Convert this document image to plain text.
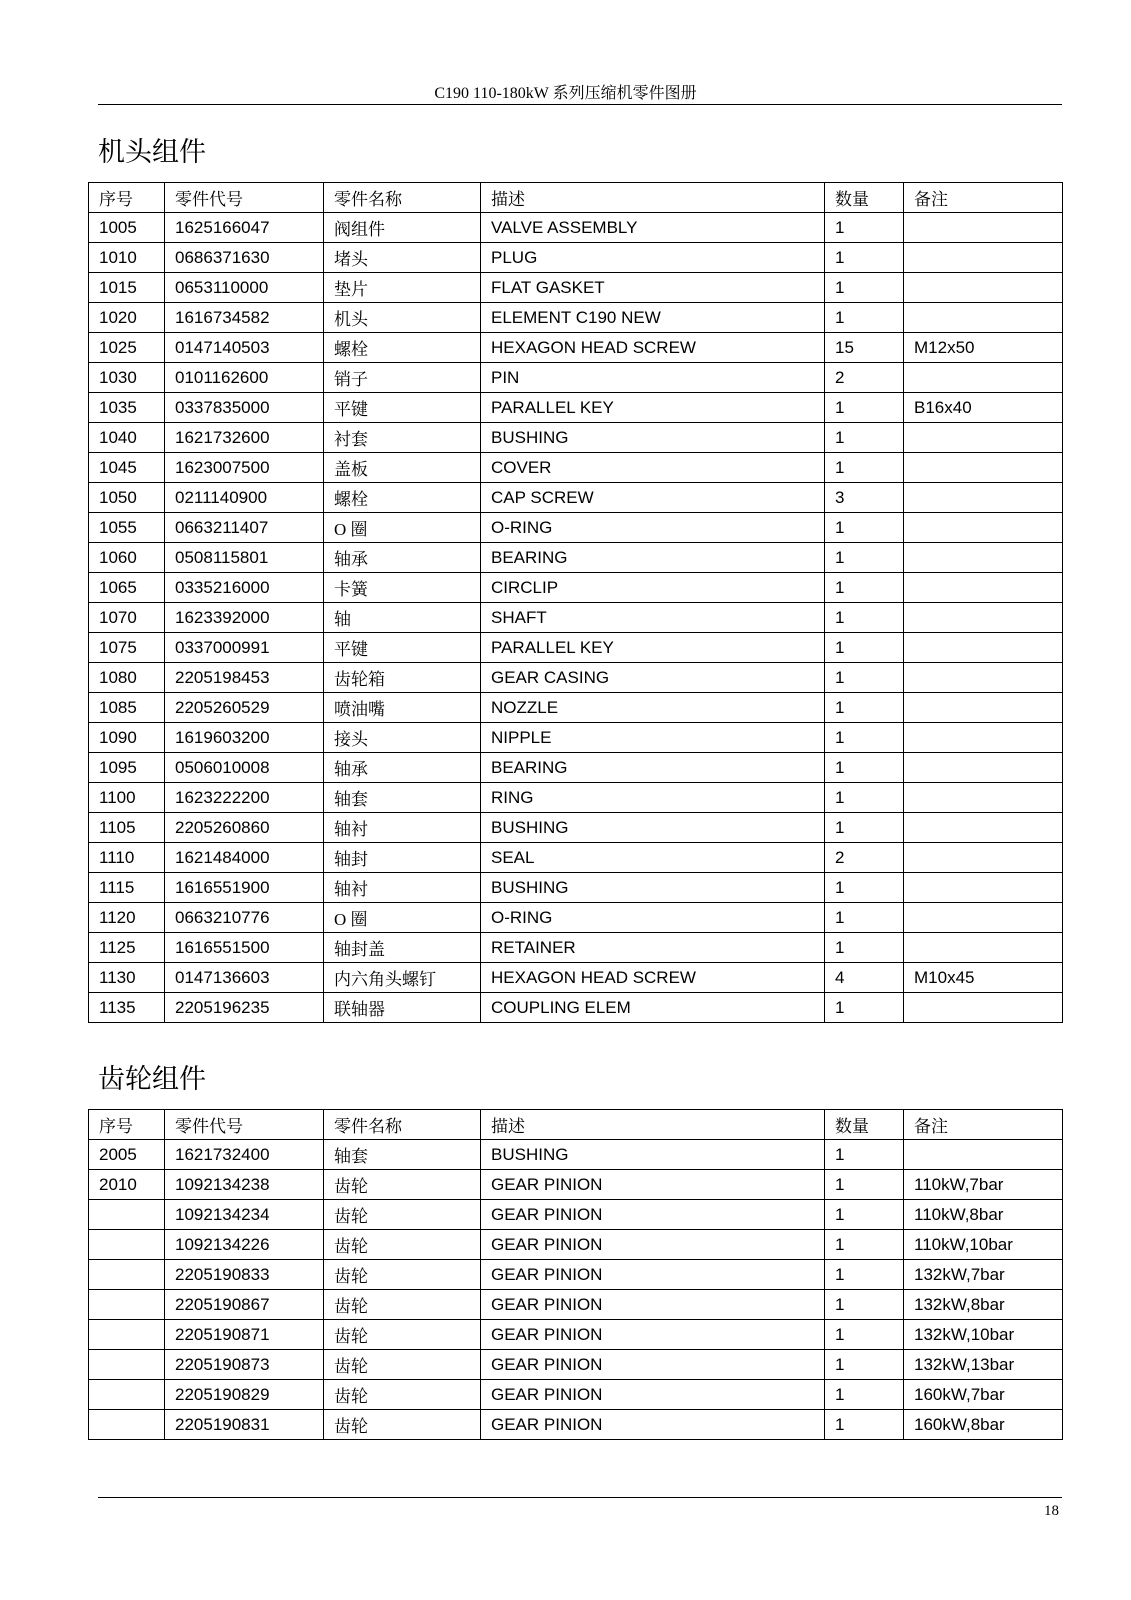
C190 110-180kW 系列压缩机零件图册
机头组件
序号	零件代号	零件名称	描述	数量	备注
1005	1625166047	阀组件	VALVE ASSEMBLY	1	
1010	0686371630	堵头	PLUG	1	
1015	0653110000	垫片	FLAT GASKET	1	
1020	1616734582	机头	ELEMENT C190 NEW	1	
1025	0147140503	螺栓	HEXAGON HEAD SCREW	15	M12x50
1030	0101162600	销子	PIN	2	
1035	0337835000	平键	PARALLEL KEY	1	B16x40
1040	1621732600	衬套	BUSHING	1	
1045	1623007500	盖板	COVER	1	
1050	0211140900	螺栓	CAP SCREW	3	
1055	0663211407	O 圈	O-RING	1	
1060	0508115801	轴承	BEARING	1	
1065	0335216000	卡簧	CIRCLIP	1	
1070	1623392000	轴	SHAFT	1	
1075	0337000991	平键	PARALLEL KEY	1	
1080	2205198453	齿轮箱	GEAR CASING	1	
1085	2205260529	喷油嘴	NOZZLE	1	
1090	1619603200	接头	NIPPLE	1	
1095	0506010008	轴承	BEARING	1	
1100	1623222200	轴套	RING	1	
1105	2205260860	轴衬	BUSHING	1	
1110	1621484000	轴封	SEAL	2	
1115	1616551900	轴衬	BUSHING	1	
1120	0663210776	O 圈	O-RING	1	
1125	1616551500	轴封盖	RETAINER	1	
1130	0147136603	内六角头螺钉	HEXAGON HEAD SCREW	4	M10x45
1135	2205196235	联轴器	COUPLING ELEM	1	
齿轮组件
序号	零件代号	零件名称	描述	数量	备注
2005	1621732400	轴套	BUSHING	1	
2010	1092134238	齿轮	GEAR PINION	1	110kW,7bar
	1092134234	齿轮	GEAR PINION	1	110kW,8bar
	1092134226	齿轮	GEAR PINION	1	110kW,10bar
	2205190833	齿轮	GEAR PINION	1	132kW,7bar
	2205190867	齿轮	GEAR PINION	1	132kW,8bar
	2205190871	齿轮	GEAR PINION	1	132kW,10bar
	2205190873	齿轮	GEAR PINION	1	132kW,13bar
	2205190829	齿轮	GEAR PINION	1	160kW,7bar
	2205190831	齿轮	GEAR PINION	1	160kW,8bar
18
